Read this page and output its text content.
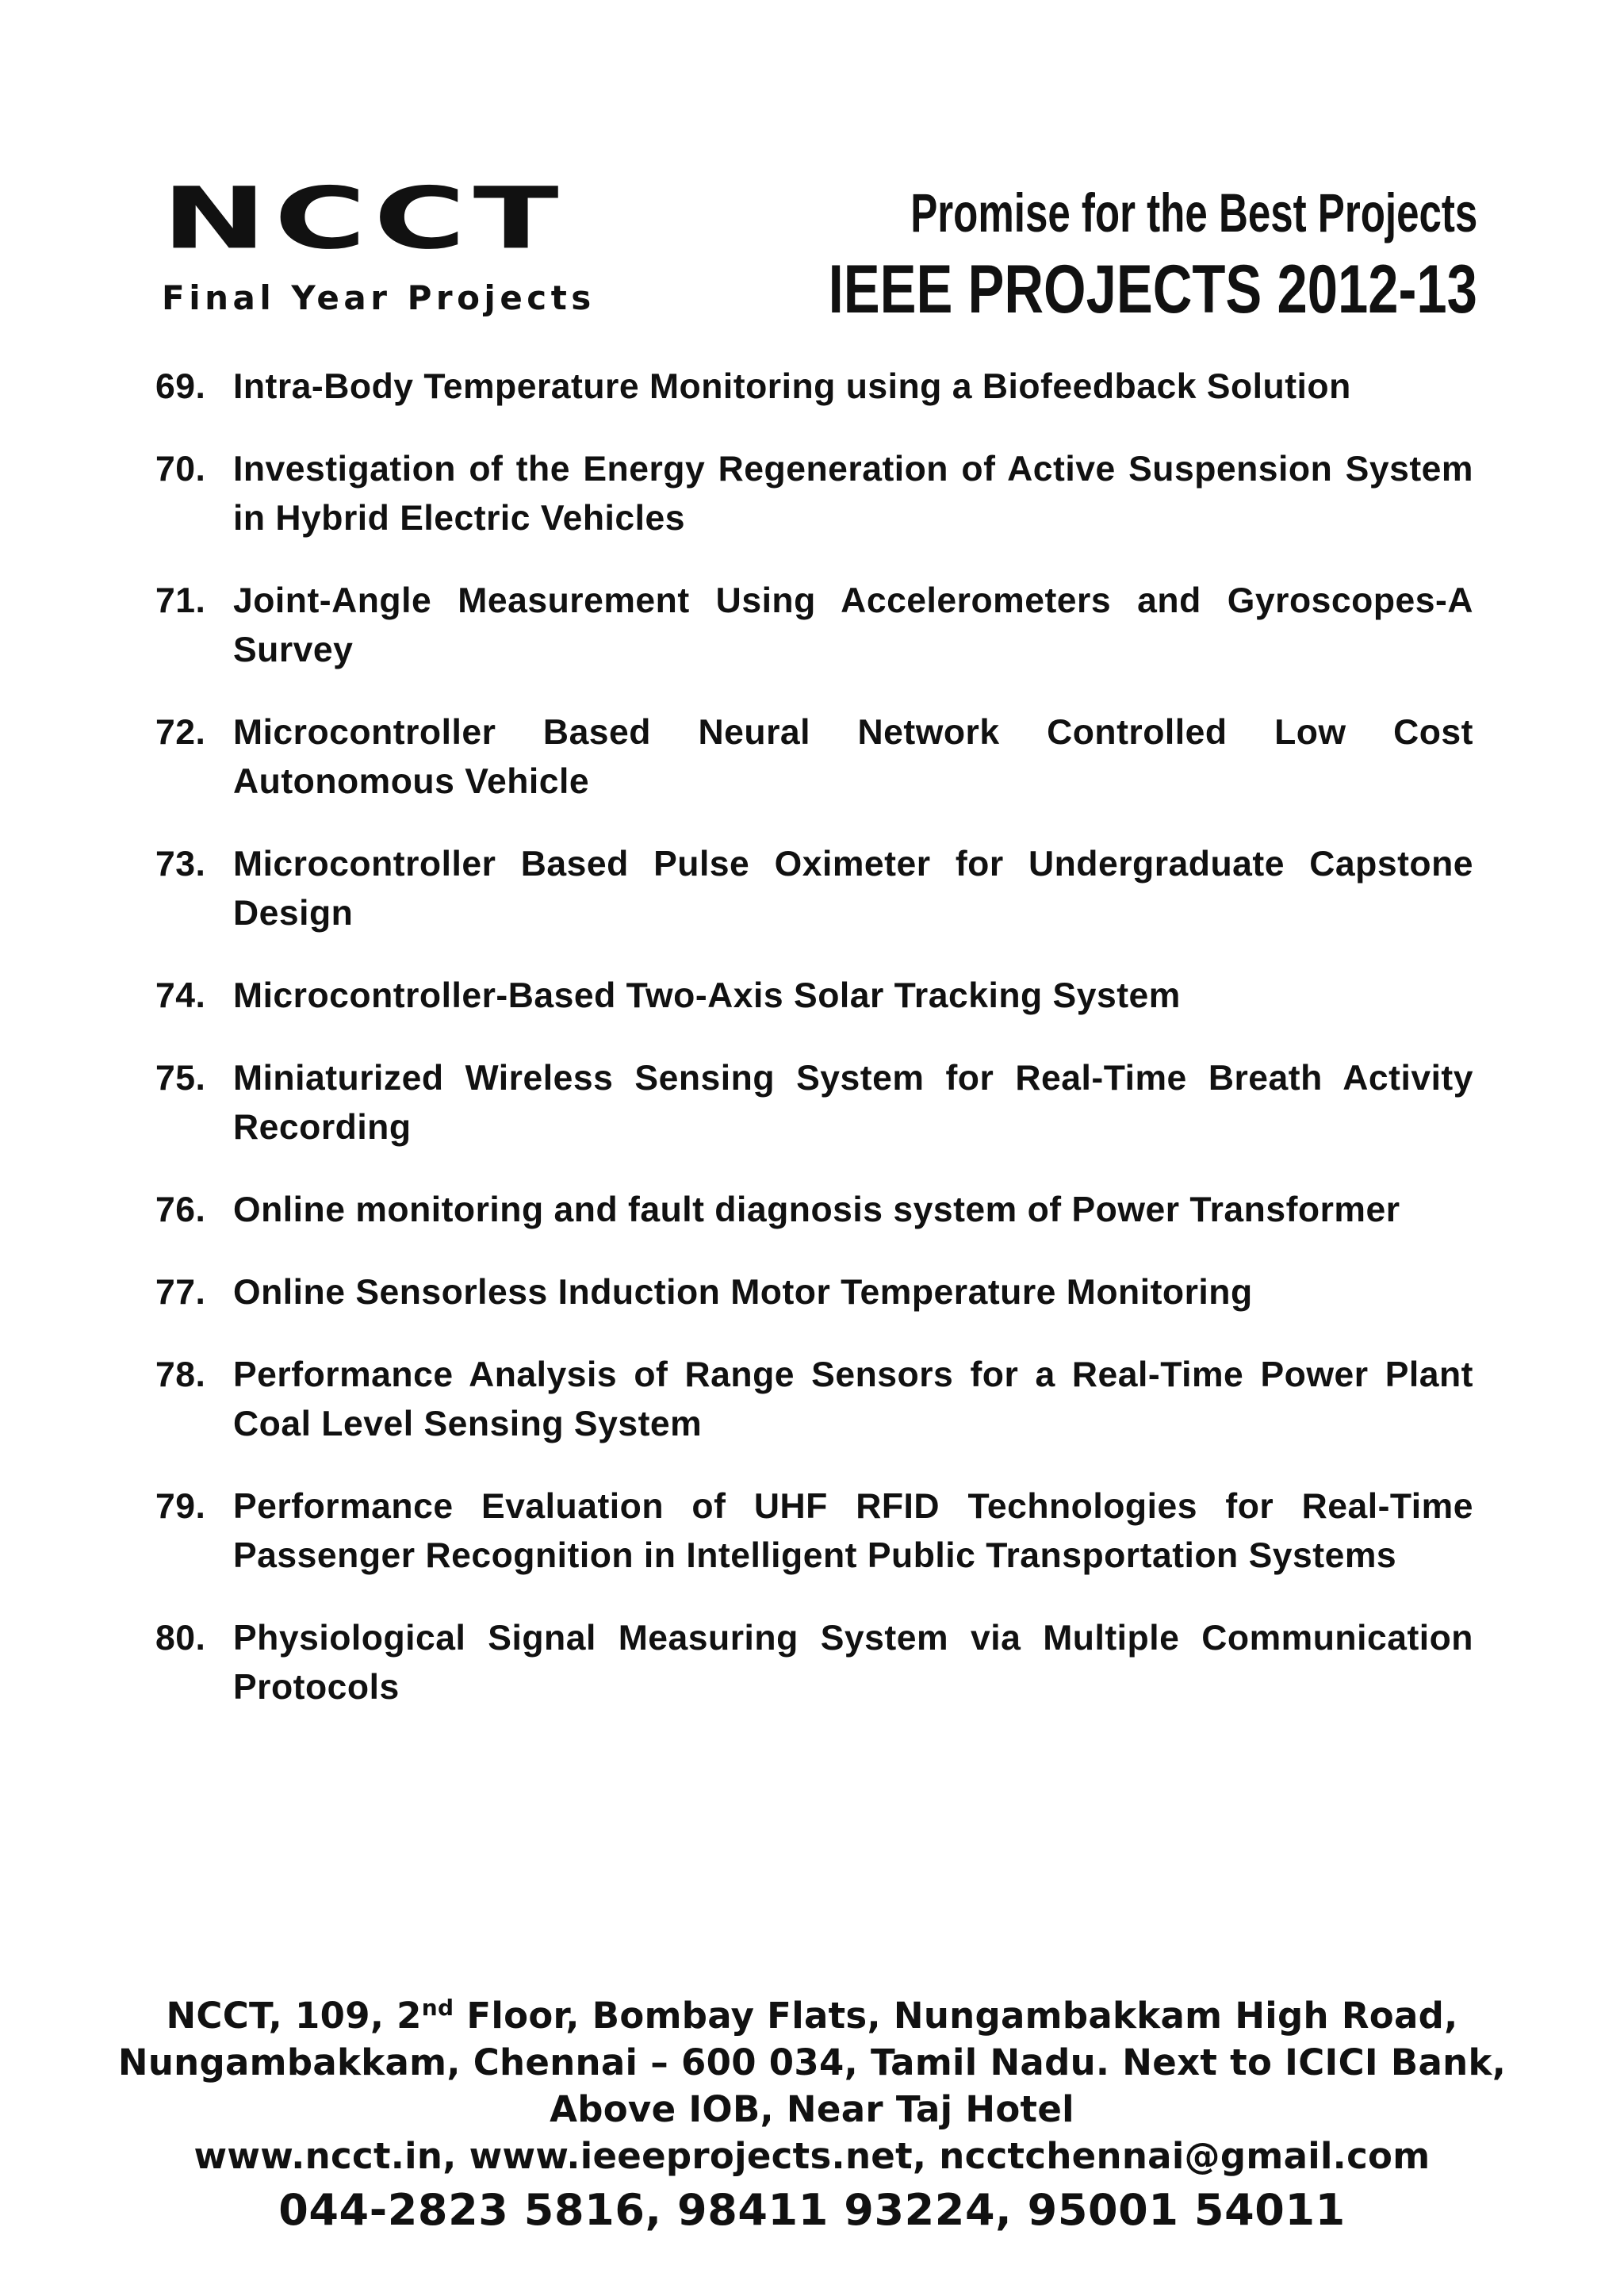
NCCT
Final Year Projects
Promise for the Best Projects
IEEE PROJECTS 2012-13
69. Intra-Body Temperature Monitoring using a Biofeedback Solution
70. Investigation of the Energy Regeneration of Active Suspension System in Hybrid Electric Vehicles
71. Joint-Angle Measurement Using Accelerometers and Gyroscopes-A Survey
72. Microcontroller Based Neural Network Controlled Low Cost Autonomous Vehicle
73. Microcontroller Based Pulse Oximeter for Undergraduate Capstone Design
74. Microcontroller-Based Two-Axis Solar Tracking System
75. Miniaturized Wireless Sensing System for Real-Time Breath Activity Recording
76. Online monitoring and fault diagnosis system of Power Transformer
77. Online Sensorless Induction Motor Temperature Monitoring
78. Performance Analysis of Range Sensors for a Real-Time Power Plant Coal Level Sensing System
79. Performance Evaluation of UHF RFID Technologies for Real-Time Passenger Recognition in Intelligent Public Transportation Systems
80. Physiological Signal Measuring System via Multiple Communication Protocols
NCCT, 109, 2nd Floor, Bombay Flats, Nungambakkam High Road, Nungambakkam, Chennai – 600 034, Tamil Nadu. Next to ICICI Bank, Above IOB, Near Taj Hotel
www.ncct.in, www.ieeeprojects.net, ncctchennai@gmail.com
044-2823 5816, 98411 93224, 95001 54011
